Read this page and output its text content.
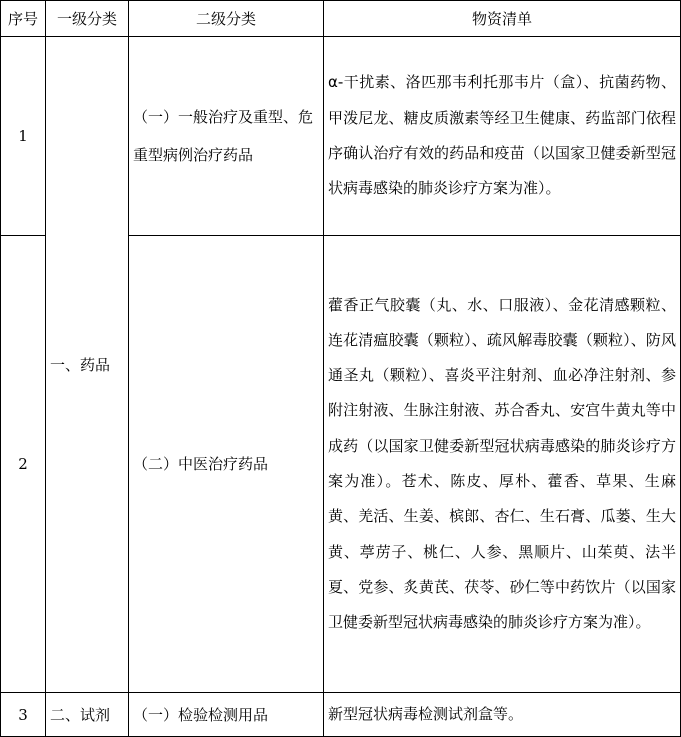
序号	一级分类	二级分类	物资清单
1	一、药品	（一）一般治疗及重型、危重型病例治疗药品	α-干扰素、洛匹那韦利托那韦片（盒）、抗菌药物、甲泼尼龙、糖皮质激素等经卫生健康、药监部门依程序确认治疗有效的药品和疫苗（以国家卫健委新型冠状病毒感染的肺炎诊疗方案为准）。
2		（二）中医治疗药品	藿香正气胶囊（丸、水、口服液）、金花清感颗粒、连花清瘟胶囊（颗粒）、疏风解毒胶囊（颗粒）、防风通圣丸（颗粒）、喜炎平注射剂、血必净注射剂、参附注射液、生脉注射液、苏合香丸、安宫牛黄丸等中成药（以国家卫健委新型冠状病毒感染的肺炎诊疗方案为准）。苍术、陈皮、厚朴、藿香、草果、生麻黄、羌活、生姜、槟郎、杏仁、生石膏、瓜蒌、生大黄、葶苈子、桃仁、人参、黑顺片、山茱萸、法半夏、党参、炙黄芪、茯苓、砂仁等中药饮片（以国家卫健委新型冠状病毒感染的肺炎诊疗方案为准）。
3	二、试剂	（一）检验检测用品	新型冠状病毒检测试剂盒等。
